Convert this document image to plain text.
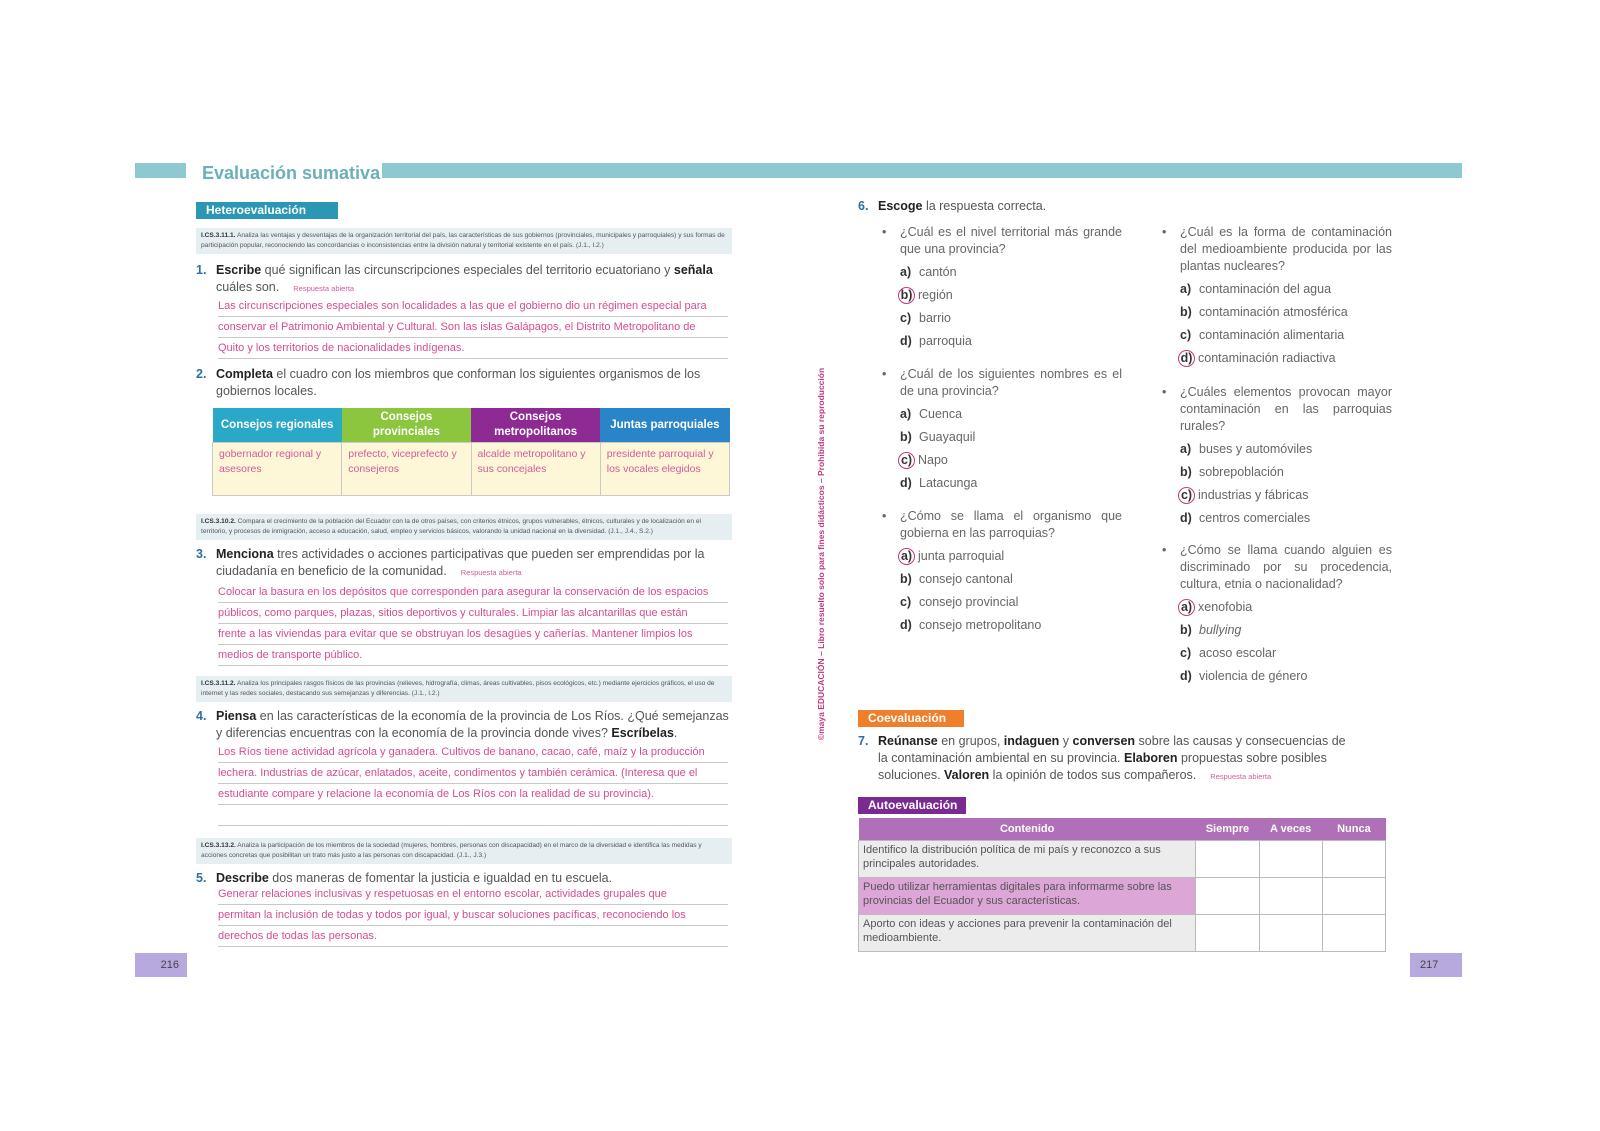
Evaluación sumativa
Heteroevaluación
I.CS.3.11.1. Analiza las ventajas y desventajas de la organización territorial del país, las características de sus gobiernos (provinciales, municipales y parroquiales) y sus formas de participación popular, reconociendo las concordancias o inconsistencias entre la división natural y territorial existente en el país. (J.1., I.2.)
1. Escribe qué significan las circunscripciones especiales del territorio ecuatoriano y señala
cuáles son. Respuesta abierta
Las circunscripciones especiales son localidades a las que el gobierno dio un régimen especial para
conservar el Patrimonio Ambiental y Cultural. Son las islas Galápagos, el Distrito Metropolitano de
Quito y los territorios de nacionalidades indígenas.
2. Completa el cuadro con los miembros que conforman los siguientes organismos de los
gobiernos locales.
Consejos regionales	Consejos provinciales	Consejos metropolitanos	Juntas parroquiales
gobernador regional y asesores	prefecto, viceprefecto y consejeros	alcalde metropolitano y sus concejales	presidente parroquial y los vocales elegidos
I.CS.3.10.2. Compara el crecimiento de la población del Ecuador con la de otros países, con criterios étnicos, grupos vulnerables, étnicos, culturales y de localización en el territorio, y procesos de inmigración, acceso a educación, salud, empleo y servicios básicos, valorando la unidad nacional en la diversidad. (J.1., J.4., S.2.)
3. Menciona tres actividades o acciones participativas que pueden ser emprendidas por la
ciudadanía en beneficio de la comunidad. Respuesta abierta
Colocar la basura en los depósitos que corresponden para asegurar la conservación de los espacios
públicos, como parques, plazas, sitios deportivos y culturales. Limpiar las alcantarillas que están
frente a las viviendas para evitar que se obstruyan los desagües y cañerías. Mantener limpios los
medios de transporte público.
I.CS.3.11.2. Analiza los principales rasgos físicos de las provincias (relieves, hidrografía, climas, áreas cultivables, pisos ecológicos, etc.) mediante ejercicios gráficos, el uso de internet y las redes sociales, destacando sus semejanzas y diferencias. (J.1., I.2.)
4. Piensa en las características de la economía de la provincia de Los Ríos. ¿Qué semejanzas
y diferencias encuentras con la economía de la provincia donde vives? Escríbelas.
Los Ríos tiene actividad agrícola y ganadera. Cultivos de banano, cacao, café, maíz y la producción
lechera. Industrias de azúcar, enlatados, aceite, condimentos y también cerámica. (Interesa que el
estudiante compare y relacione la economía de Los Ríos con la realidad de su provincia).
I.CS.3.13.2. Analiza la participación de los miembros de la sociedad (mujeres, hombres, personas con discapacidad) en el marco de la diversidad e identifica las medidas y acciones concretas que posibilitan un trato más justo a las personas con discapacidad. (J.1., J.3.)
5. Describe dos maneras de fomentar la justicia e igualdad en tu escuela.
Generar relaciones inclusivas y respetuosas en el entorno escolar, actividades grupales que
permitan la inclusión de todas y todos por igual, y buscar soluciones pacíficas, reconociendo los
derechos de todas las personas.
216
©maya EDUCACIÓN – Libro resuelto solo para fines didácticos – Prohibida su reproducción
6. Escoge la respuesta correcta.
• ¿Cuál es el nivel territorial más grande que una provincia?
a) cantón
b) región
c) barrio
d) parroquia
• ¿Cuál de los siguientes nombres es el de una provincia?
a) Cuenca
b) Guayaquil
c) Napo
d) Latacunga
• ¿Cómo se llama el organismo que gobierna en las parroquias?
a) junta parroquial
b) consejo cantonal
c) consejo provincial
d) consejo metropolitano
• ¿Cuál es la forma de contaminación del medioambiente producida por las plantas nucleares?
a) contaminación del agua
b) contaminación atmosférica
c) contaminación alimentaria
d) contaminación radiactiva
• ¿Cuáles elementos provocan mayor contaminación en las parroquias rurales?
a) buses y automóviles
b) sobrepoblación
c) industrias y fábricas
d) centros comerciales
• ¿Cómo se llama cuando alguien es discriminado por su procedencia, cultura, etnia o nacionalidad?
a) xenofobia
b) bullying
c) acoso escolar
d) violencia de género
Coevaluación
7. Reúnanse en grupos, indaguen y conversen sobre las causas y consecuencias de
la contaminación ambiental en su provincia. Elaboren propuestas sobre posibles
soluciones. Valoren la opinión de todos sus compañeros. Respuesta abierta
Autoevaluación
Contenido	Siempre	A veces	Nunca
Identifico la distribución política de mi país y reconozco a sus principales autoridades.			
Puedo utilizar herramientas digitales para informarme sobre las provincias del Ecuador y sus características.			
Aporto con ideas y acciones para prevenir la contaminación del medioambiente.			
217
